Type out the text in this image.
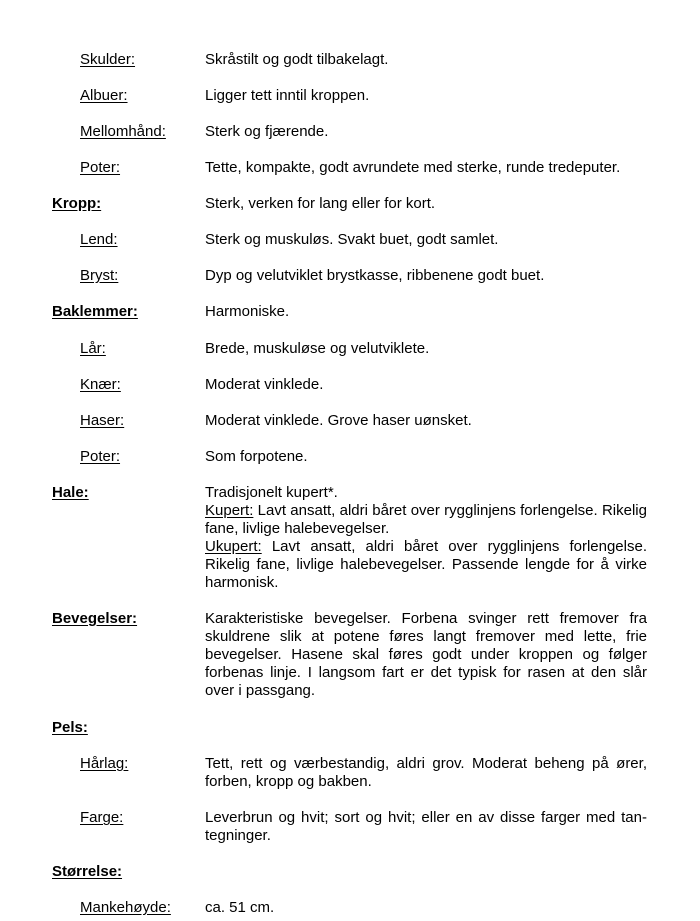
Skulder:	Skråstilt og godt tilbakelagt.
Albuer:	Ligger tett inntil kroppen.
Mellomhånd:	Sterk og fjærende.
Poter:	Tette, kompakte, godt avrundete med sterke, runde tredeputer.
Kropp:	Sterk, verken for lang eller for kort.
Lend:	Sterk og muskuløs. Svakt buet, godt samlet.
Bryst:	Dyp og velutviklet brystkasse, ribbenene godt buet.
Baklemmer:	Harmoniske.
Lår:	Brede, muskuløse og velutviklete.
Knær:	Moderat vinklede.
Haser:	Moderat vinklede. Grove haser uønsket.
Poter:	Som forpotene.
Hale:	Tradisjonelt kupert*.
Kupert: Lavt ansatt, aldri båret over rygglinjens forlengelse. Rikelig fane, livlige halebevegelser.
Ukupert: Lavt ansatt, aldri båret over rygglinjens forlengelse. Rikelig fane, livlige halebevegelser. Passende lengde for å virke harmonisk.
Bevegelser:	Karakteristiske bevegelser. Forbena svinger rett fremover fra skuldrene slik at potene føres langt fremover med lette, frie bevegelser. Hasene skal føres godt under kroppen og følger forbenas linje. I langsom fart er det typisk for rasen at den slår over i passgang.
Pels:
Hårlag:	Tett, rett og værbestandig, aldri grov. Moderat beheng på ører, forben, kropp og bakben.
Farge:	Leverbrun og hvit; sort og hvit; eller en av disse farger med tan-tegninger.
Størrelse:
Mankehøyde: ca. 51 cm.
